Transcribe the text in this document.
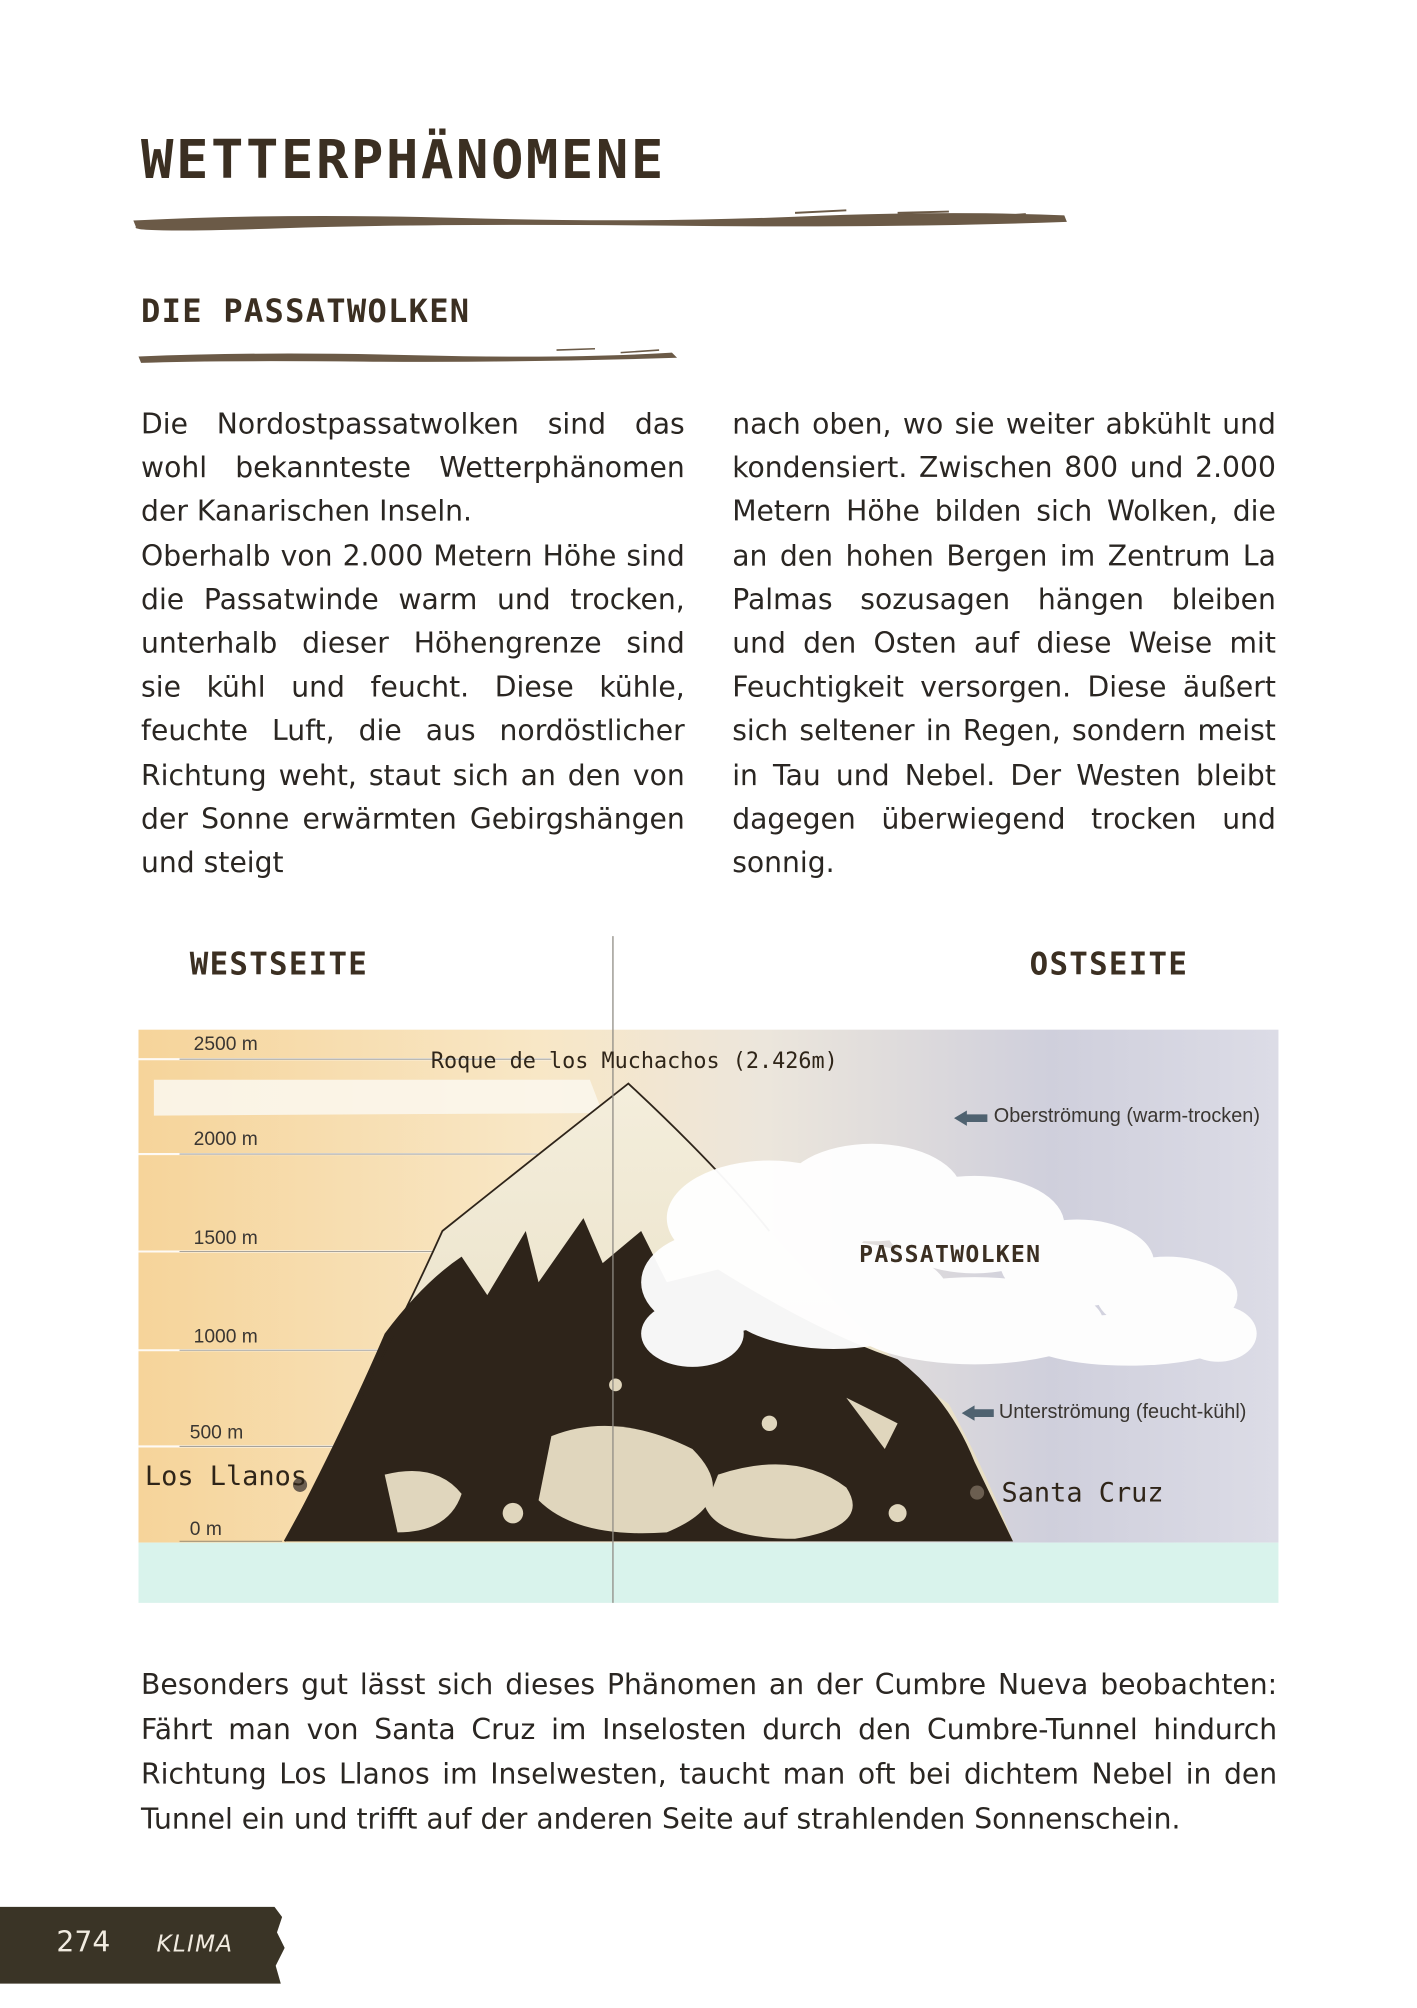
WETTERPHÄNOMENE
DIE PASSATWOLKEN

Die Nordostpassatwolken sind das wohl bekannteste Wetterphänomen der Kanarischen Inseln.

Oberhalb von 2.000 Metern Höhe sind die Passatwinde warm und trocken, unterhalb dieser Höhengrenze sind sie kühl und feucht. Diese kühle, feuchte Luft, die aus nordöstlicher Richtung weht, staut sich an den von der Sonne erwärmten Gebirgshängen und steigt

nach oben, wo sie weiter abkühlt und kondensiert. Zwischen 800 und 2.000 Metern Höhe bilden sich Wolken, die an den hohen Bergen im Zentrum La Palmas sozusagen hängen bleiben und den Osten auf diese Weise mit Feuchtigkeit versorgen. Diese äußert sich seltener in Regen, sondern meist in Tau und Nebel. Der Westen bleibt dagegen überwiegend trocken und sonnig.

WESTSEITE	OSTSEITE
2500 m
2000 m
1500 m
1000 m
500 m
0 m
Roque de los Muchachos (2.426m)
PASSATWOLKEN
Oberströmung (warm-trocken)
Unterströmung (feucht-kühl)
Los Llanos
Santa Cruz
Besonders gut lässt sich dieses Phänomen an der Cumbre Nueva beobachten: Fährt man von Santa Cruz im Inselosten durch den Cumbre-Tunnel hindurch Richtung Los Llanos im Inselwesten, taucht man oft bei dichtem Nebel in den Tunnel ein und trifft auf der anderen Seite auf strahlenden Sonnenschein.
274	KLIMA
